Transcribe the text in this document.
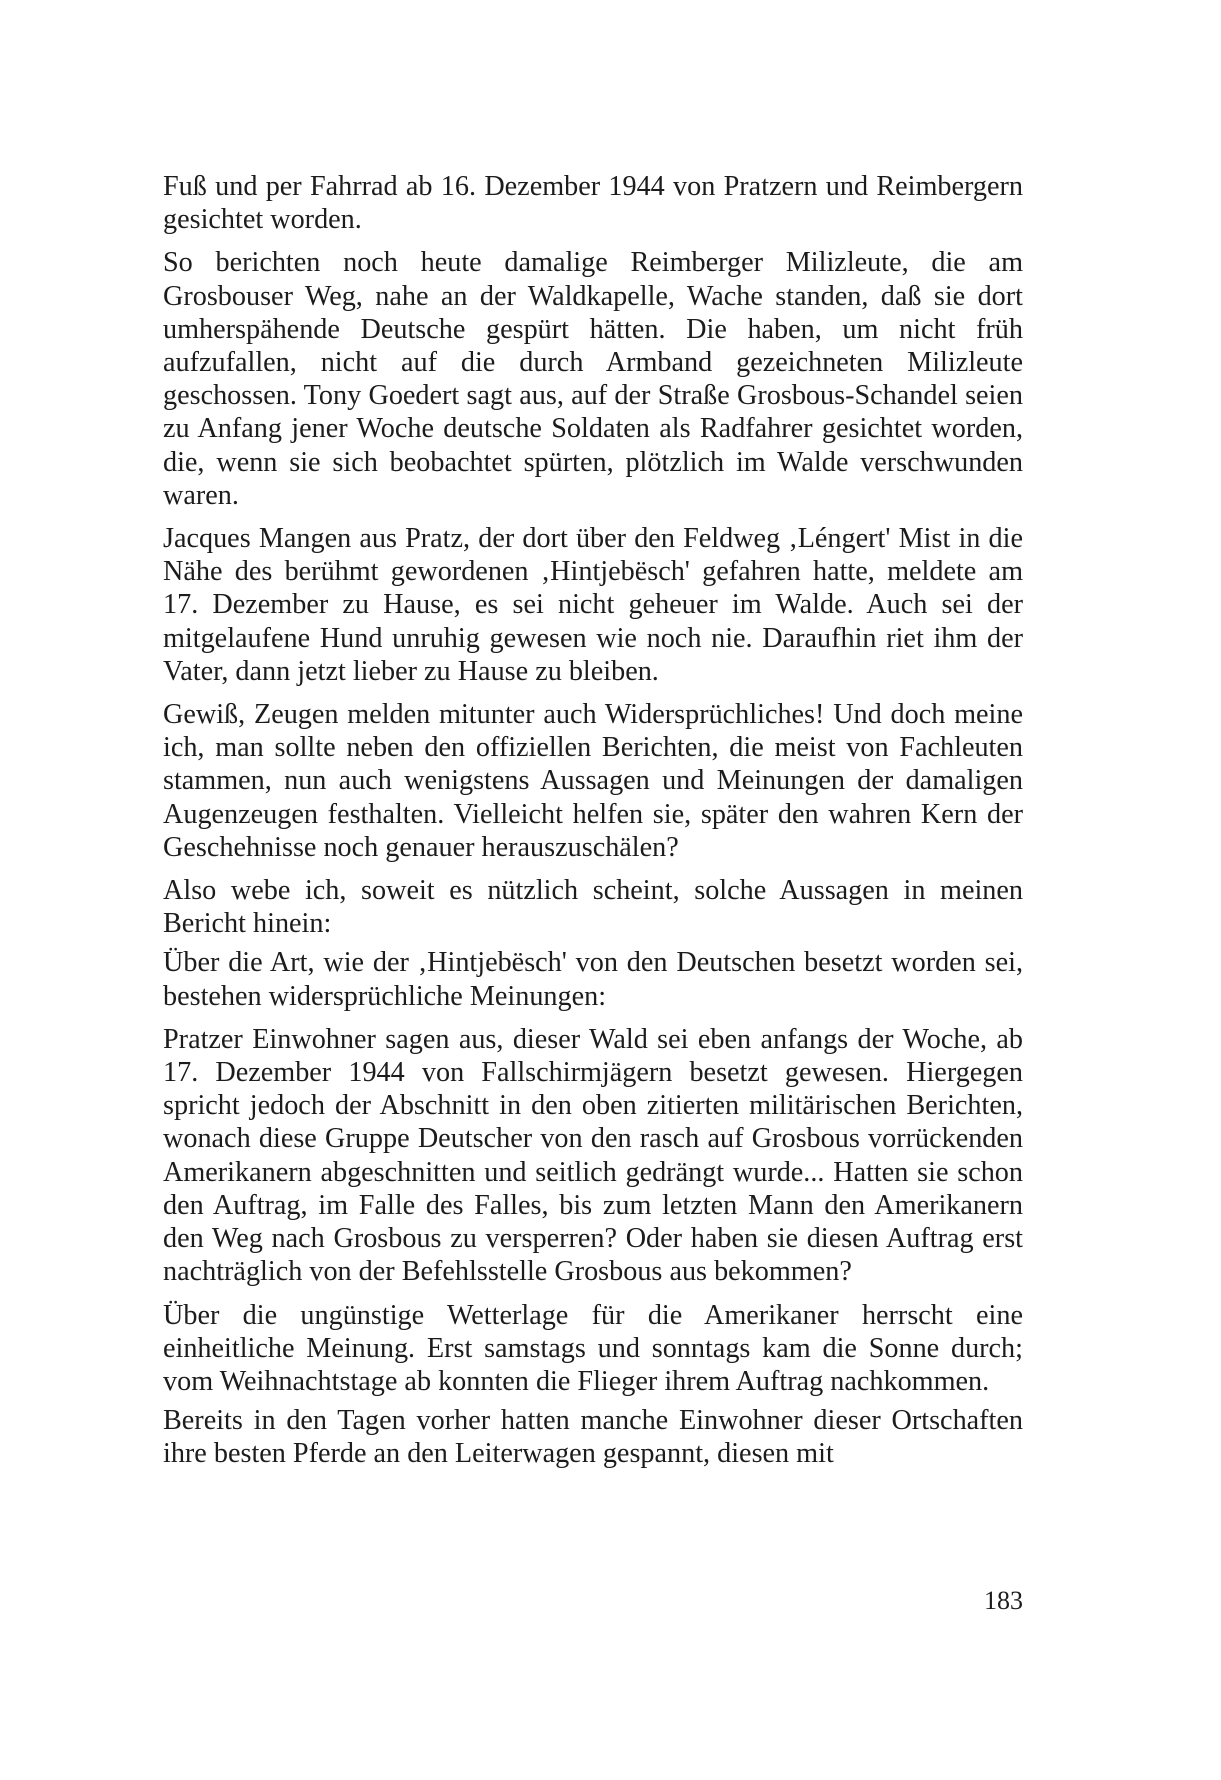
Fuß und per Fahrrad ab 16. Dezember 1944 von Pratzern und Reimbergern gesichtet worden.

So berichten noch heute damalige Reimberger Milizleute, die am Grosbouser Weg, nahe an der Waldkapelle, Wache standen, daß sie dort umherspähende Deutsche gespürt hätten. Die haben, um nicht früh aufzufallen, nicht auf die durch Armband gezeichneten Milizleute geschossen. Tony Goedert sagt aus, auf der Straße Grosbous-Schandel seien zu Anfang jener Woche deutsche Soldaten als Radfahrer gesichtet worden, die, wenn sie sich beobachtet spürten, plötzlich im Walde verschwunden waren.

Jacques Mangen aus Pratz, der dort über den Feldweg ‚Léngert' Mist in die Nähe des berühmt gewordenen ‚Hintjebësch' gefahren hatte, meldete am 17. Dezember zu Hause, es sei nicht geheuer im Walde. Auch sei der mitgelaufene Hund unruhig gewesen wie noch nie. Daraufhin riet ihm der Vater, dann jetzt lieber zu Hause zu bleiben.

Gewiß, Zeugen melden mitunter auch Widersprüchliches! Und doch meine ich, man sollte neben den offiziellen Berichten, die meist von Fachleuten stammen, nun auch wenigstens Aussagen und Meinungen der damaligen Augenzeugen festhalten. Vielleicht helfen sie, später den wahren Kern der Geschehnisse noch genauer herauszuschälen?

Also webe ich, soweit es nützlich scheint, solche Aussagen in meinen Bericht hinein:

Über die Art, wie der ‚Hintjebësch' von den Deutschen besetzt worden sei, bestehen widersprüchliche Meinungen:

Pratzer Einwohner sagen aus, dieser Wald sei eben anfangs der Woche, ab 17. Dezember 1944 von Fallschirmjägern besetzt gewesen. Hiergegen spricht jedoch der Abschnitt in den oben zitierten militärischen Berichten, wonach diese Gruppe Deutscher von den rasch auf Grosbous vorrückenden Amerikanern abgeschnitten und seitlich gedrängt wurde... Hatten sie schon den Auftrag, im Falle des Falles, bis zum letzten Mann den Amerikanern den Weg nach Grosbous zu versperren? Oder haben sie diesen Auftrag erst nachträglich von der Befehlsstelle Grosbous aus bekommen?

Über die ungünstige Wetterlage für die Amerikaner herrscht eine einheitliche Meinung. Erst samstags und sonntags kam die Sonne durch; vom Weihnachtstage ab konnten die Flieger ihrem Auftrag nachkommen.

Bereits in den Tagen vorher hatten manche Einwohner dieser Ortschaften ihre besten Pferde an den Leiterwagen gespannt, diesen mit

183
